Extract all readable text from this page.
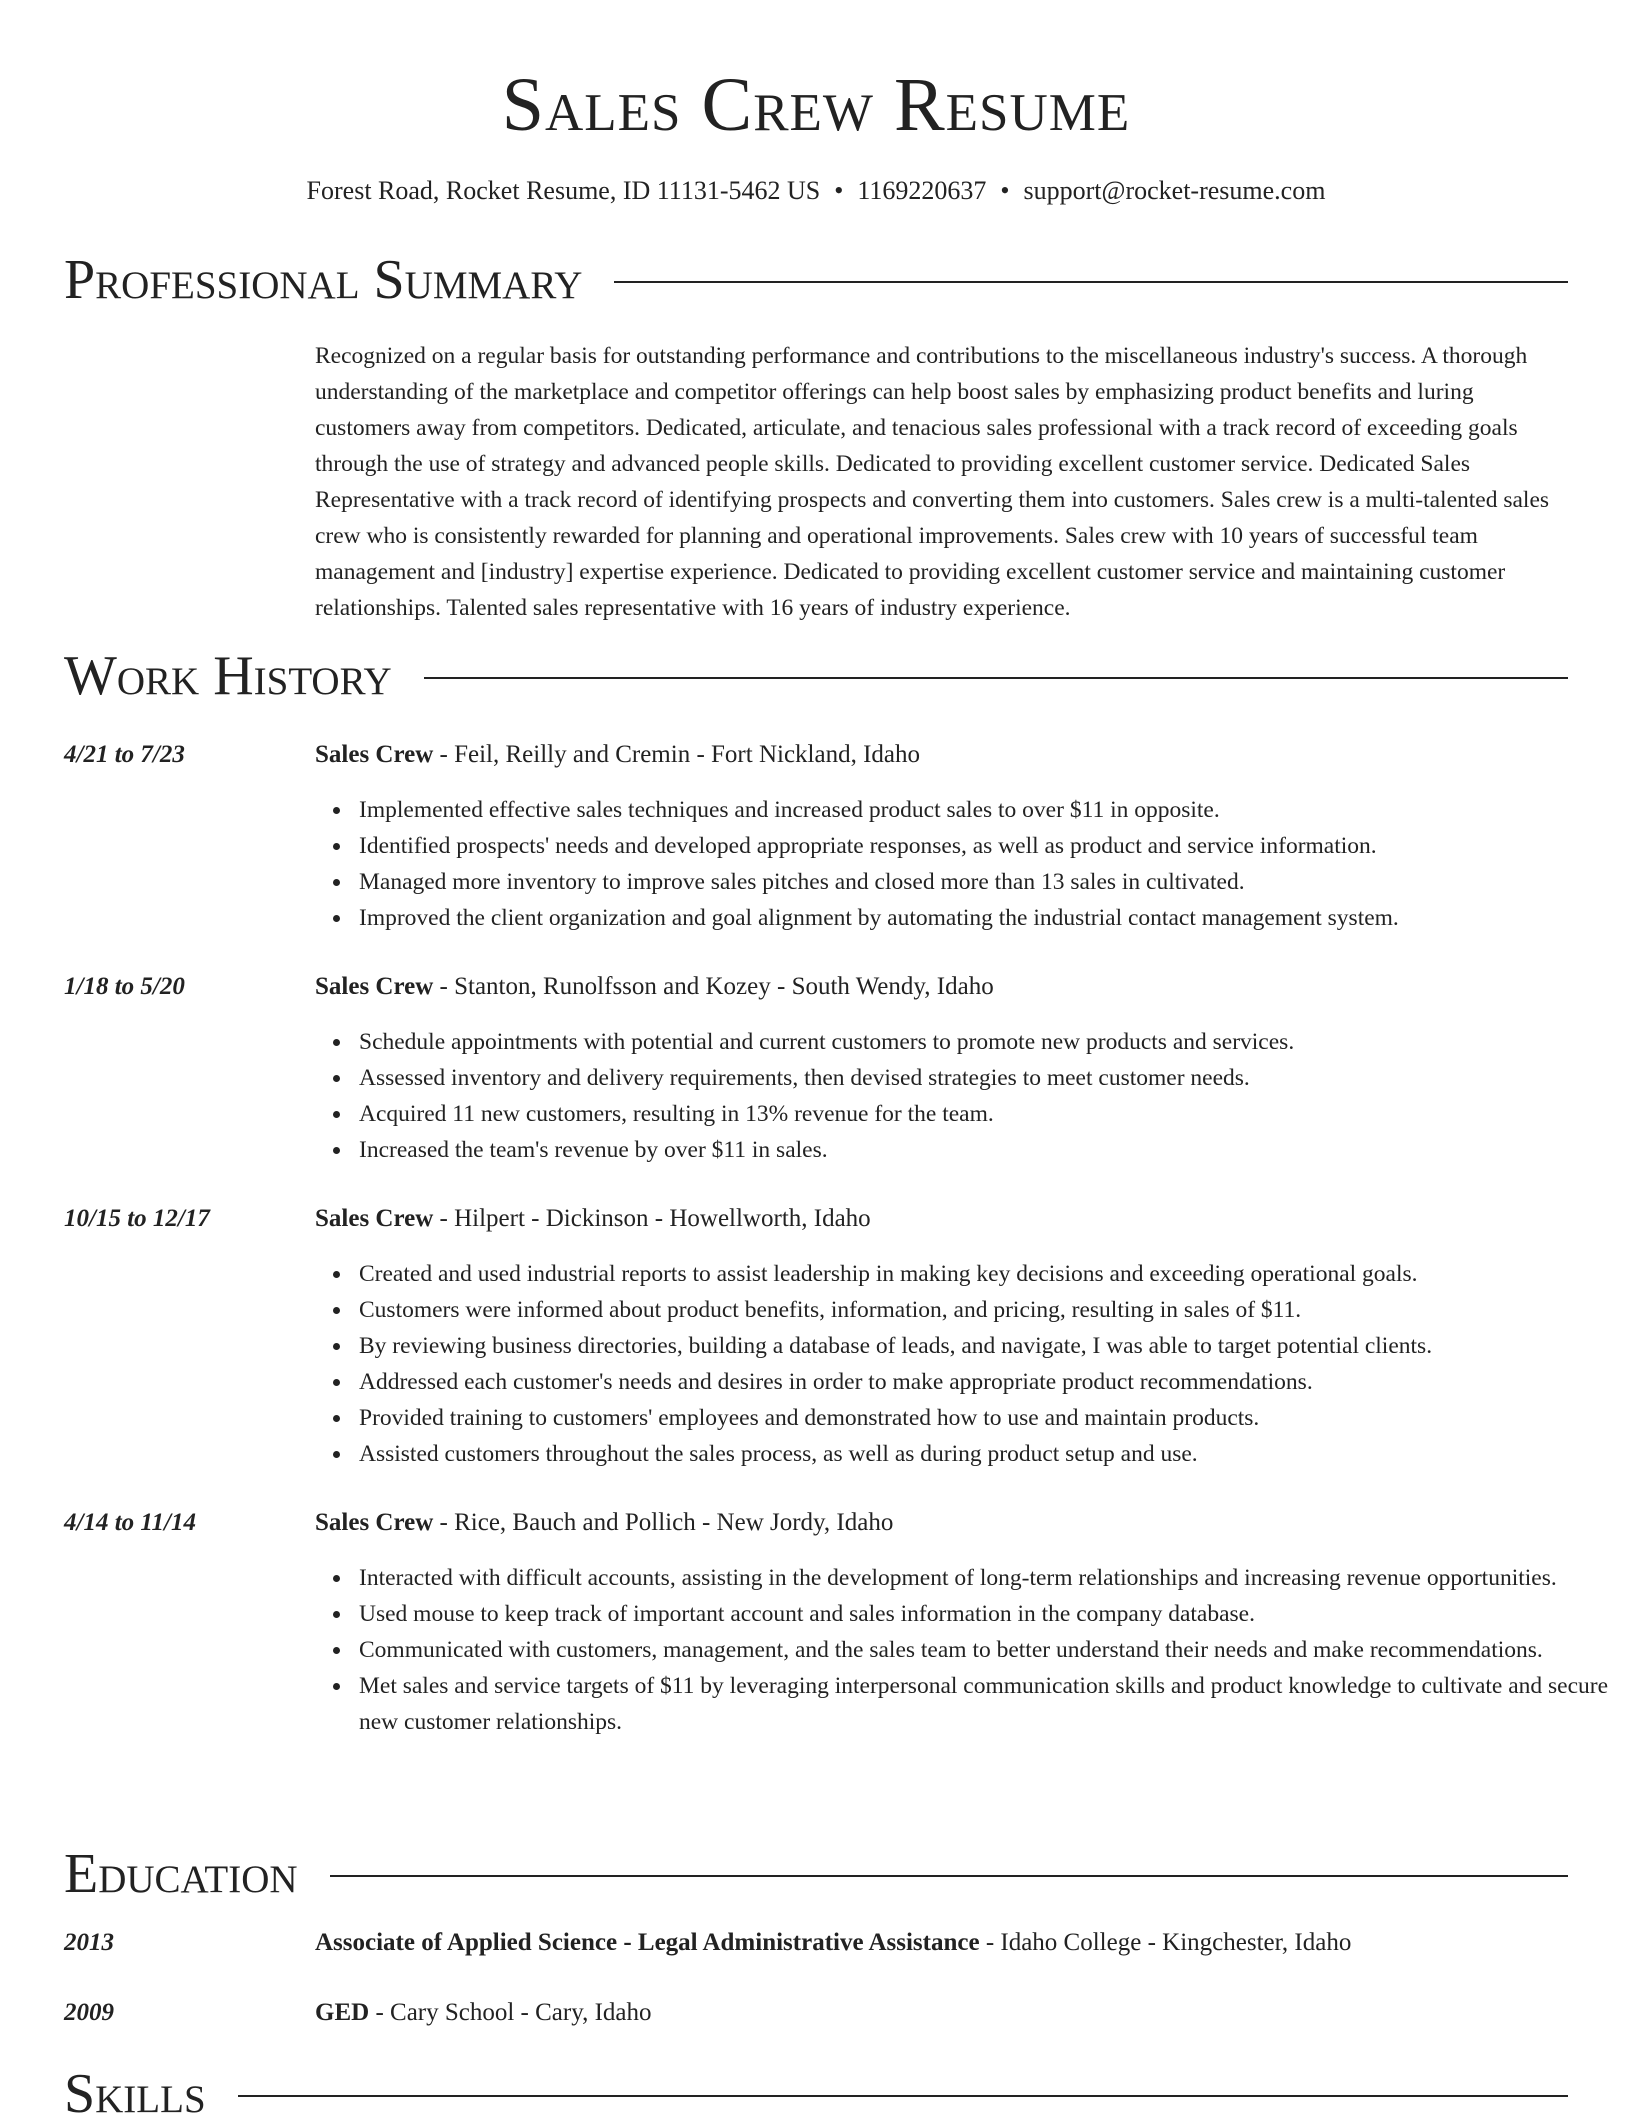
Sales Crew Resume
Forest Road, Rocket Resume, ID 11131-5462 US • 1169220637 • support@rocket-resume.com
Professional Summary
Recognized on a regular basis for outstanding performance and contributions to the miscellaneous industry's success. A thorough understanding of the marketplace and competitor offerings can help boost sales by emphasizing product benefits and luring customers away from competitors. Dedicated, articulate, and tenacious sales professional with a track record of exceeding goals through the use of strategy and advanced people skills. Dedicated to providing excellent customer service. Dedicated Sales Representative with a track record of identifying prospects and converting them into customers. Sales crew is a multi-talented sales crew who is consistently rewarded for planning and operational improvements. Sales crew with 10 years of successful team management and [industry] expertise experience. Dedicated to providing excellent customer service and maintaining customer relationships. Talented sales representative with 16 years of industry experience.
Work History
4/21 to 7/23	Sales Crew - Feil, Reilly and Cremin - Fort Nickland, Idaho
Implemented effective sales techniques and increased product sales to over $11 in opposite.
Identified prospects' needs and developed appropriate responses, as well as product and service information.
Managed more inventory to improve sales pitches and closed more than 13 sales in cultivated.
Improved the client organization and goal alignment by automating the industrial contact management system.
1/18 to 5/20	Sales Crew - Stanton, Runolfsson and Kozey - South Wendy, Idaho
Schedule appointments with potential and current customers to promote new products and services.
Assessed inventory and delivery requirements, then devised strategies to meet customer needs.
Acquired 11 new customers, resulting in 13% revenue for the team.
Increased the team's revenue by over $11 in sales.
10/15 to 12/17	Sales Crew - Hilpert - Dickinson - Howellworth, Idaho
Created and used industrial reports to assist leadership in making key decisions and exceeding operational goals.
Customers were informed about product benefits, information, and pricing, resulting in sales of $11.
By reviewing business directories, building a database of leads, and navigate, I was able to target potential clients.
Addressed each customer's needs and desires in order to make appropriate product recommendations.
Provided training to customers' employees and demonstrated how to use and maintain products.
Assisted customers throughout the sales process, as well as during product setup and use.
4/14 to 11/14	Sales Crew - Rice, Bauch and Pollich - New Jordy, Idaho
Interacted with difficult accounts, assisting in the development of long-term relationships and increasing revenue opportunities.
Used mouse to keep track of important account and sales information in the company database.
Communicated with customers, management, and the sales team to better understand their needs and make recommendations.
Met sales and service targets of $11 by leveraging interpersonal communication skills and product knowledge to cultivate and secure new customer relationships.
Education
2013	Associate of Applied Science - Legal Administrative Assistance - Idaho College - Kingchester, Idaho
2009	GED - Cary School - Cary, Idaho
Skills
